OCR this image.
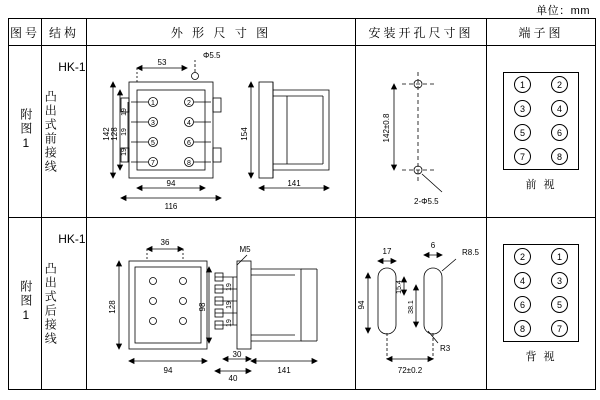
单位：mm
图号	结构	外 形 尺 寸 图	安装开孔尺寸图	端子图
附图1	凸出式前接线
HK-1	53
Φ5.5
142 128
19
19
19
94
116
154
141
1	2
3	4
5	6
7	8

142±0.8
2-Φ5.5

1	2
3	4
5	6
7	8
前 视

附图1	凸出式后接线
HK-1	36
128
94
M5
98
19
19
19
30
40
141

17
6
R8.5
15.4
94	38.1
R3
72±0.2

2	1
4	3
6	5
8	7
背 视
